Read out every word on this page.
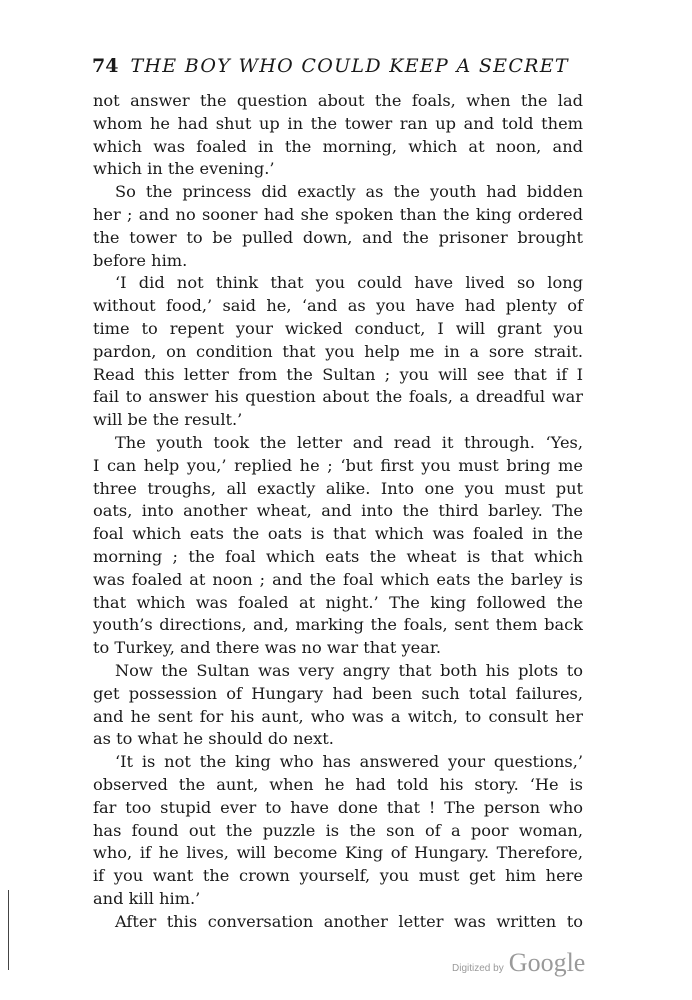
74 THE BOY WHO COULD KEEP A SECRET
not answer the question about the foals, when the lad
whom he had shut up in the tower ran up and told them
which was foaled in the morning, which at noon, and
which in the evening.’
So the princess did exactly as the youth had bidden
her ; and no sooner had she spoken than the king ordered
the tower to be pulled down, and the prisoner brought
before him.
‘I did not think that you could have lived so long
without food,’ said he, ‘and as you have had plenty of
time to repent your wicked conduct, I will grant you
pardon, on condition that you help me in a sore strait.
Read this letter from the Sultan ; you will see that if I
fail to answer his question about the foals, a dreadful war
will be the result.’
The youth took the letter and read it through. ‘Yes,
I can help you,’ replied he ; ‘but first you must bring me
three troughs, all exactly alike. Into one you must put
oats, into another wheat, and into the third barley. The
foal which eats the oats is that which was foaled in the
morning ; the foal which eats the wheat is that which
was foaled at noon ; and the foal which eats the barley is
that which was foaled at night.’ The king followed the
youth’s directions, and, marking the foals, sent them back
to Turkey, and there was no war that year.
Now the Sultan was very angry that both his plots to
get possession of Hungary had been such total failures,
and he sent for his aunt, who was a witch, to consult her
as to what he should do next.
‘It is not the king who has answered your questions,’
observed the aunt, when he had told his story. ‘He is
far too stupid ever to have done that ! The person who
has found out the puzzle is the son of a poor woman,
who, if he lives, will become King of Hungary. Therefore,
if you want the crown yourself, you must get him here
and kill him.’
After this conversation another letter was written to
Digitized by Google
